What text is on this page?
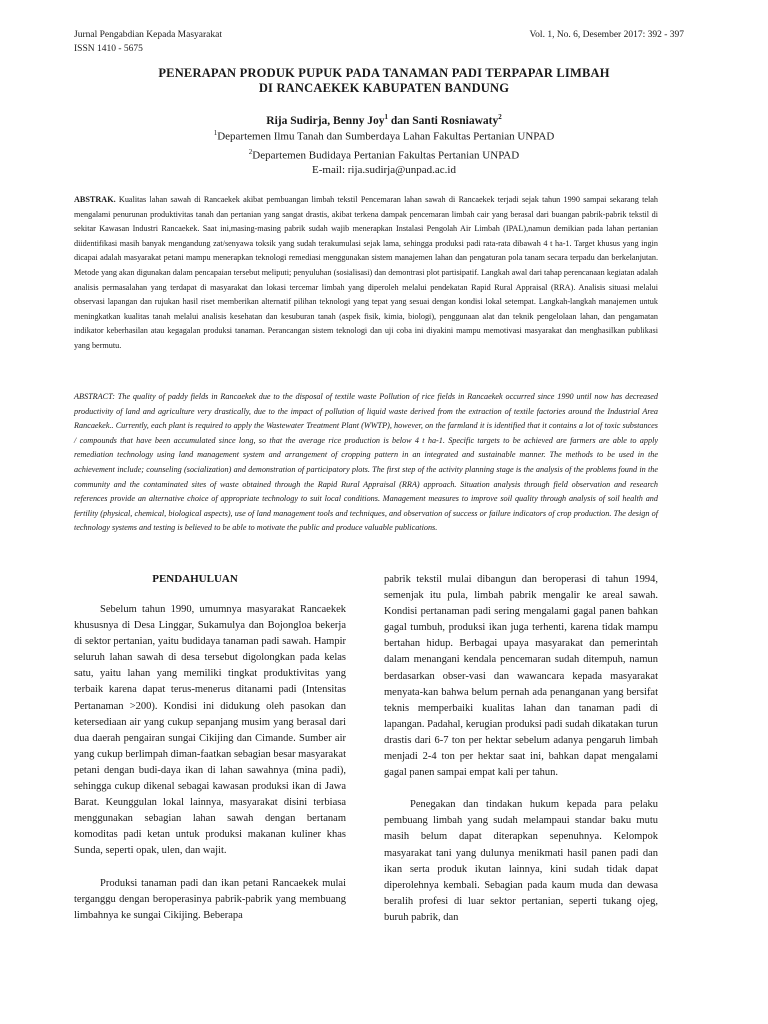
Jurnal Pengabdian Kepada Masyarakat
ISSN 1410 - 5675
Vol. 1, No. 6, Desember 2017: 392 - 397
PENERAPAN PRODUK PUPUK PADA TANAMAN PADI TERPAPAR LIMBAH
DI RANCAEKEK KABUPATEN BANDUNG
Rija Sudirja, Benny Joy$^1$ dan Santi Rosniawaty$^2$
$^1$Departemen Ilmu Tanah dan Sumberdaya Lahan Fakultas Pertanian UNPAD
$^2$Departemen Budidaya Pertanian Fakultas Pertanian UNPAD
E-mail: rija.sudirja@unpad.ac.id
ABSTRAK. Kualitas lahan sawah di Rancaekek akibat pembuangan limbah tekstil Pencemaran lahan sawah di Rancaekek terjadi sejak tahun 1990 sampai sekarang telah mengalami penurunan produktivitas tanah dan pertanian yang sangat drastis, akibat terkena dampak pencemaran limbah cair yang berasal dari buangan pabrik-pabrik tekstil di sekitar Kawasan Industri Rancaekek. Saat ini,masing-masing pabrik sudah wajib menerapkan Instalasi Pengolah Air Limbah (IPAL),namun demikian pada lahan pertanian diidentifikasi masih banyak mengandung zat/senyawa toksik yang sudah terakumulasi sejak lama, sehingga produksi padi rata-rata dibawah 4 t ha-1. Target khusus yang ingin dicapai adalah masyarakat petani mampu menerapkan teknologi remediasi menggunakan sistem manajemen lahan dan pengaturan pola tanam secara terpadu dan berkelanjutan. Metode yang akan digunakan dalam pencapaian tersebut meliputi; penyuluhan (sosialisasi) dan demontrasi plot partisipatif. Langkah awal dari tahap perencanaan kegiatan adalah analisis permasalahan yang terdapat di masyarakat dan lokasi tercemar limbah yang diperoleh melalui pendekatan Rapid Rural Appraisal (RRA). Analisis situasi melalui observasi lapangan dan rujukan hasil riset memberikan alternatif pilihan teknologi yang tepat yang sesuai dengan kondisi lokal setempat. Langkah-langkah manajemen untuk meningkatkan kualitas tanah melalui analisis kesehatan dan kesuburan tanah (aspek fisik, kimia, biologi), penggunaan alat dan teknik pengelolaan lahan, dan pengamatan indikator keberhasilan atau kegagalan produksi tanaman. Perancangan sistem teknologi dan uji coba ini diyakini mampu memotivasi masyarakat dan menghasilkan publikasi yang bermutu.
ABSTRACT: The quality of paddy fields in Rancaekek due to the disposal of textile waste Pollution of rice fields in Rancaekek occurred since 1990 until now has decreased productivity of land and agriculture very drastically, due to the impact of pollution of liquid waste derived from the extraction of textile factories around the Industrial Area Rancaekek.. Currently, each plant is required to apply the Wastewater Treatment Plant (WWTP), however, on the farmland it is identified that it contains a lot of toxic substances / compounds that have been accumulated since long, so that the average rice production is below 4 t ha-1. Specific targets to be achieved are farmers are able to apply remediation technology using land management system and arrangement of cropping pattern in an integrated and sustainable manner. The methods to be used in the achievement include; counseling (socialization) and demonstration of participatory plots. The first step of the activity planning stage is the analysis of the problems found in the community and the contaminated sites of waste obtained through the Rapid Rural Appraisal (RRA) approach. Situation analysis through field observation and research references provide an alternative choice of appropriate technology to suit local conditions. Management measures to improve soil quality through analysis of soil health and fertility (physical, chemical, biological aspects), use of land management tools and techniques, and observation of success or failure indicators of crop production. The design of technology systems and testing is believed to be able to motivate the public and produce valuable publications.
PENDAHULUAN

Sebelum tahun 1990, umumnya masyarakat Rancaekek khususnya di Desa Linggar, Sukamulya dan Bojongloa bekerja di sektor pertanian, yaitu budidaya tanaman padi sawah. Hampir seluruh lahan sawah di desa tersebut digolongkan pada kelas satu, yaitu lahan yang memiliki tingkat produktivitas yang terbaik karena dapat terus-menerus ditanami padi (Intensitas Pertanaman >200). Kondisi ini didukung oleh pasokan dan ketersediaan air yang cukup sepanjang musim yang berasal dari dua daerah pengairan sungai Cikijing dan Cimande. Sumber air yang cukup berlimpah diman-faatkan sebagian besar masyarakat petani dengan budi-daya ikan di lahan sawahnya (mina padi), sehingga cukup dikenal sebagai kawasan produksi ikan di Jawa Barat. Keunggulan lokal lainnya, masyarakat disini terbiasa menggunakan sebagian lahan sawah dengan bertanam komoditas padi ketan untuk produksi makanan kuliner khas Sunda, seperti opak, ulen, dan wajit.

Produksi tanaman padi dan ikan petani Rancaekek mulai terganggu dengan beroperasinya pabrik-pabrik yang membuang limbahnya ke sungai Cikijing. Beberapa

pabrik tekstil mulai dibangun dan beroperasi di tahun 1994, semenjak itu pula, limbah pabrik mengalir ke areal sawah. Kondisi pertanaman padi sering mengalami gagal panen bahkan gagal tumbuh, produksi ikan juga terhenti, karena tidak mampu bertahan hidup. Berbagai upaya masyarakat dan pemerintah dalam menangani kendala pencemaran sudah ditempuh, namun berdasarkan obser-vasi dan wawancara kepada masyarakat menyata-kan bahwa belum pernah ada penanganan yang bersifat teknis memperbaiki kualitas lahan dan tanaman padi di lapangan. Padahal, kerugian produksi padi sudah dikatakan turun drastis dari 6-7 ton per hektar sebelum adanya pengaruh limbah menjadi 2-4 ton per hektar saat ini, bahkan dapat mengalami gagal panen sampai empat kali per tahun.

Penegakan dan tindakan hukum kepada para pelaku pembuang limbah yang sudah melampaui standar baku mutu masih belum dapat diterapkan sepenuhnya. Kelompok masyarakat tani yang dulunya menikmati hasil panen padi dan ikan serta produk ikutan lainnya, kini sudah tidak dapat diperolehnya kembali. Sebagian pada kaum muda dan dewasa beralih profesi di luar sektor pertanian, seperti tukang ojeg, buruh pabrik, dan
